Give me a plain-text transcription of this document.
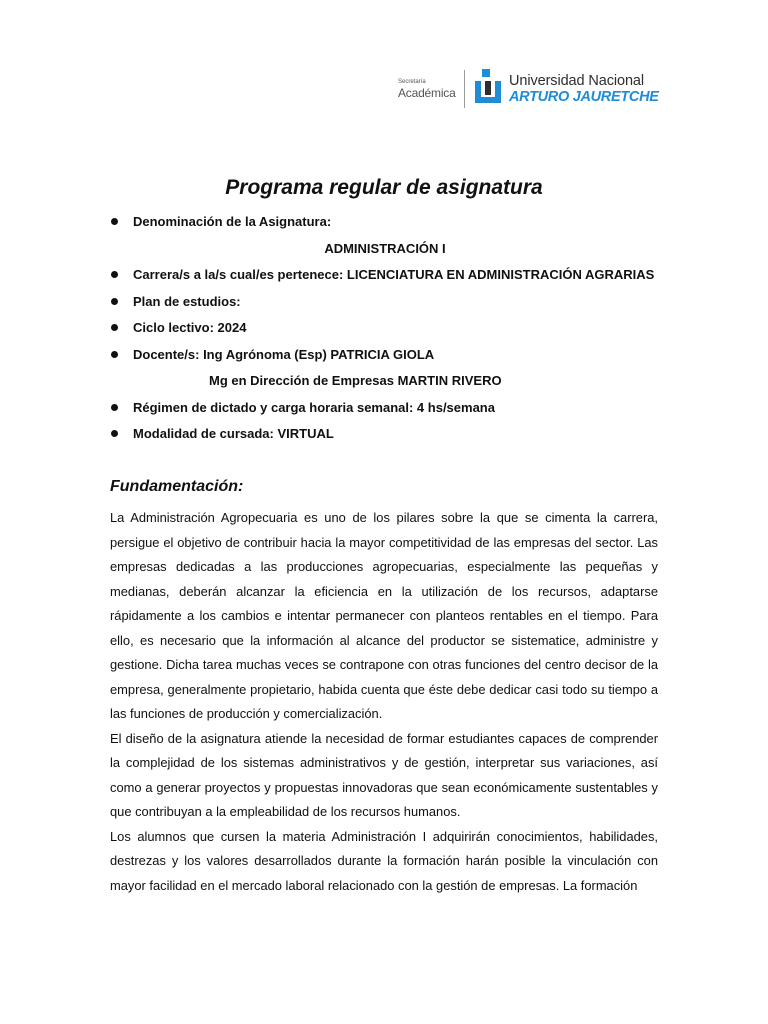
Secretaría
Académica
Universidad Nacional
ARTURO JAURETCHE
Programa regular de asignatura
Denominación de la Asignatura:
ADMINISTRACIÓN I
Carrera/s a la/s cual/es pertenece: LICENCIATURA EN ADMINISTRACIÓN AGRARIAS
Plan de estudios:
Ciclo lectivo: 2024
Docente/s: Ing Agrónoma (Esp) PATRICIA GIOLA
Mg en Dirección de Empresas MARTIN RIVERO
Régimen de dictado y carga horaria semanal: 4 hs/semana
Modalidad de cursada: VIRTUAL
Fundamentación:

La Administración Agropecuaria es uno de los pilares sobre la que se cimenta la carrera, persigue el objetivo de contribuir hacia la mayor competitividad de las empresas del sector. Las empresas dedicadas a las producciones agropecuarias, especialmente las pequeñas y medianas, deberán alcanzar la eficiencia en la utilización de los recursos, adaptarse rápidamente a los cambios e intentar permanecer con planteos rentables en el tiempo. Para ello, es necesario que la información al alcance del productor se sistematice, administre y gestione. Dicha tarea muchas veces se contrapone con otras funciones del centro decisor de la empresa, generalmente propietario, habida cuenta que éste debe dedicar casi todo su tiempo a las funciones de producción y comercialización.

El diseño de la asignatura atiende la necesidad de formar estudiantes capaces de comprender la complejidad de los sistemas administrativos y de gestión, interpretar sus variaciones, así como a generar proyectos y propuestas innovadoras que sean económicamente sustentables y que contribuyan a la empleabilidad de los recursos humanos.

Los alumnos que cursen la materia Administración I adquirirán conocimientos, habilidades, destrezas y los valores desarrollados durante la formación harán posible la vinculación con mayor facilidad en el mercado laboral relacionado con la gestión de empresas. La formación
